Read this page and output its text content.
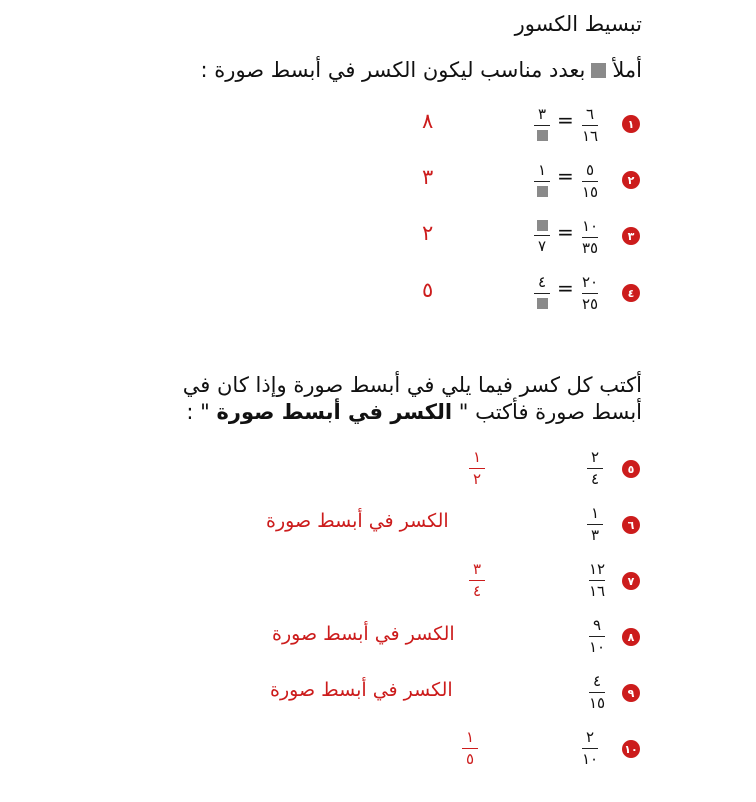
تبسيط الكسور
أملأبعدد مناسب ليكون الكسر في أبسط صورة :
١
٦
١٦
=
٣
٨
٢
٥
١٥
=
١
٣
٣
١٠
٣٥
=
٧
٢
٤
٢٠
٢٥
=
٤
٥
أكتب كل كسر فيما يلي في أبسط صورة وإذا كان في
أبسط صورة فأكتب " الكسر في أبسط صورة " :
٥
٢
٤
١
٢
٦
١
٣
الكسر في أبسط صورة
٧
١٢
١٦
٣
٤
٨
٩
١٠
الكسر في أبسط صورة
٩
٤
١٥
الكسر في أبسط صورة
١٠
٢
١٠
١
٥
